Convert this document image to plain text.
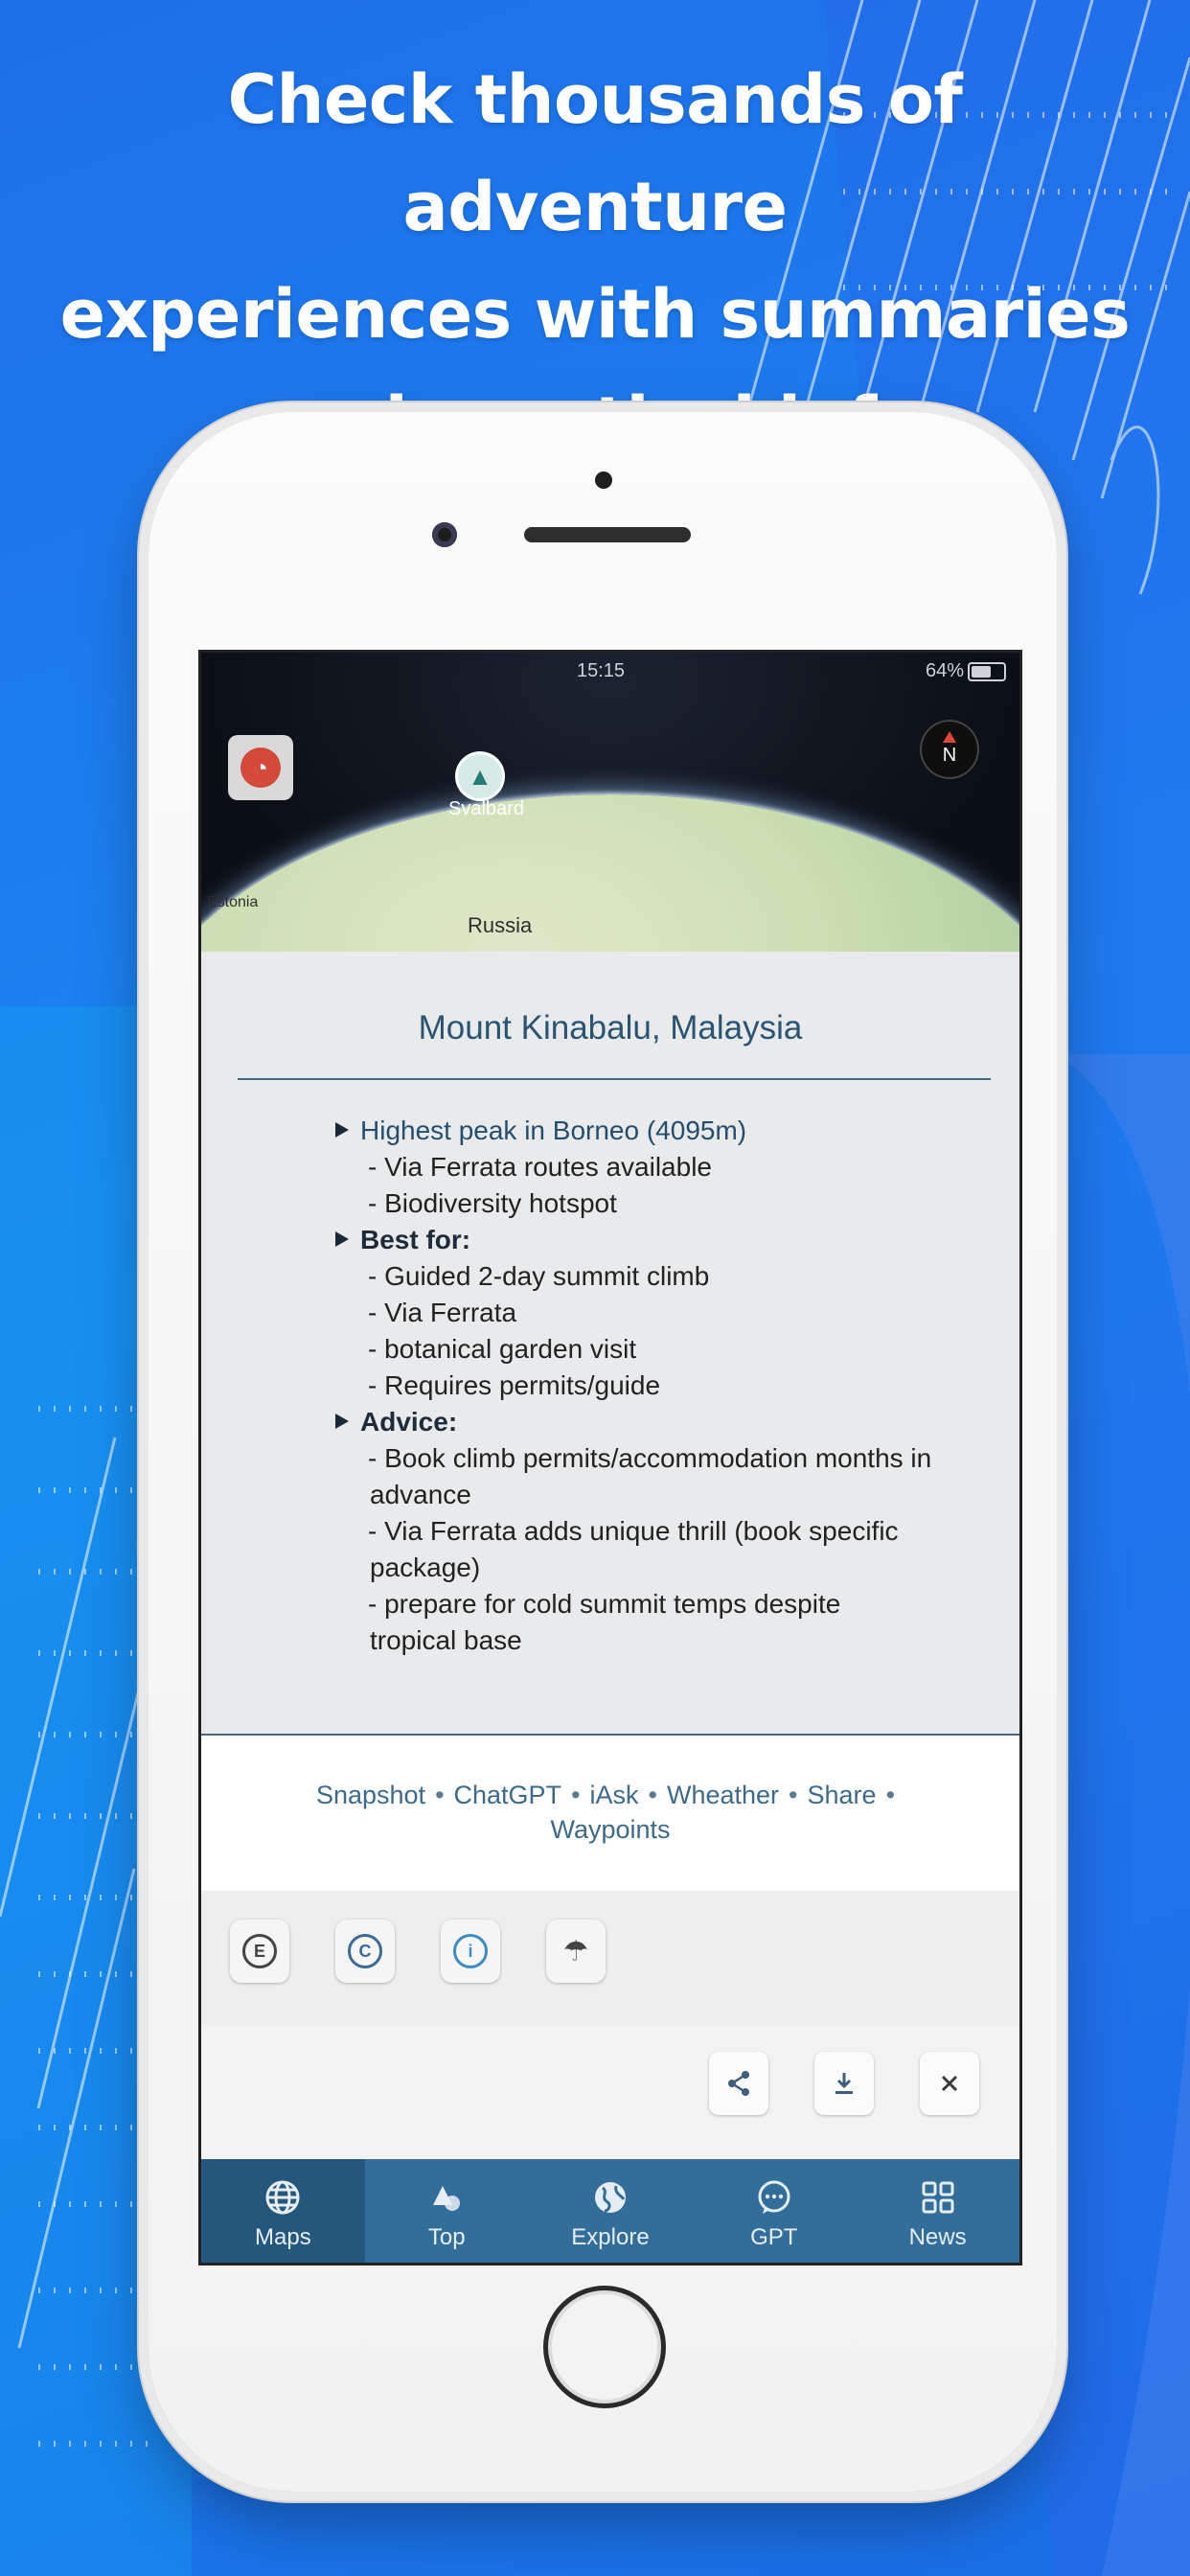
Check thousands of adventure
experiences with summaries
15:15	64%
◔	N
▲
Svalbard
Estonia
Russia
Mount Kinabalu, Malaysia
Highest peak in Borneo (4095m)
- Via Ferrata routes available
- Biodiversity hotspot
Best for:
- Guided 2-day summit climb
- Via Ferrata
- botanical garden visit
- Requires permits/guide
Advice:
- Book climb permits/accommodation months in
advance
- Via Ferrata adds unique thrill (book specific
package)
- prepare for cold summit temps despite
tropical base
Snapshot • ChatGPT • iAsk • Wheather • Share •
Waypoints
E	C	i	☂
Maps	Top	Explore	GPT	News
